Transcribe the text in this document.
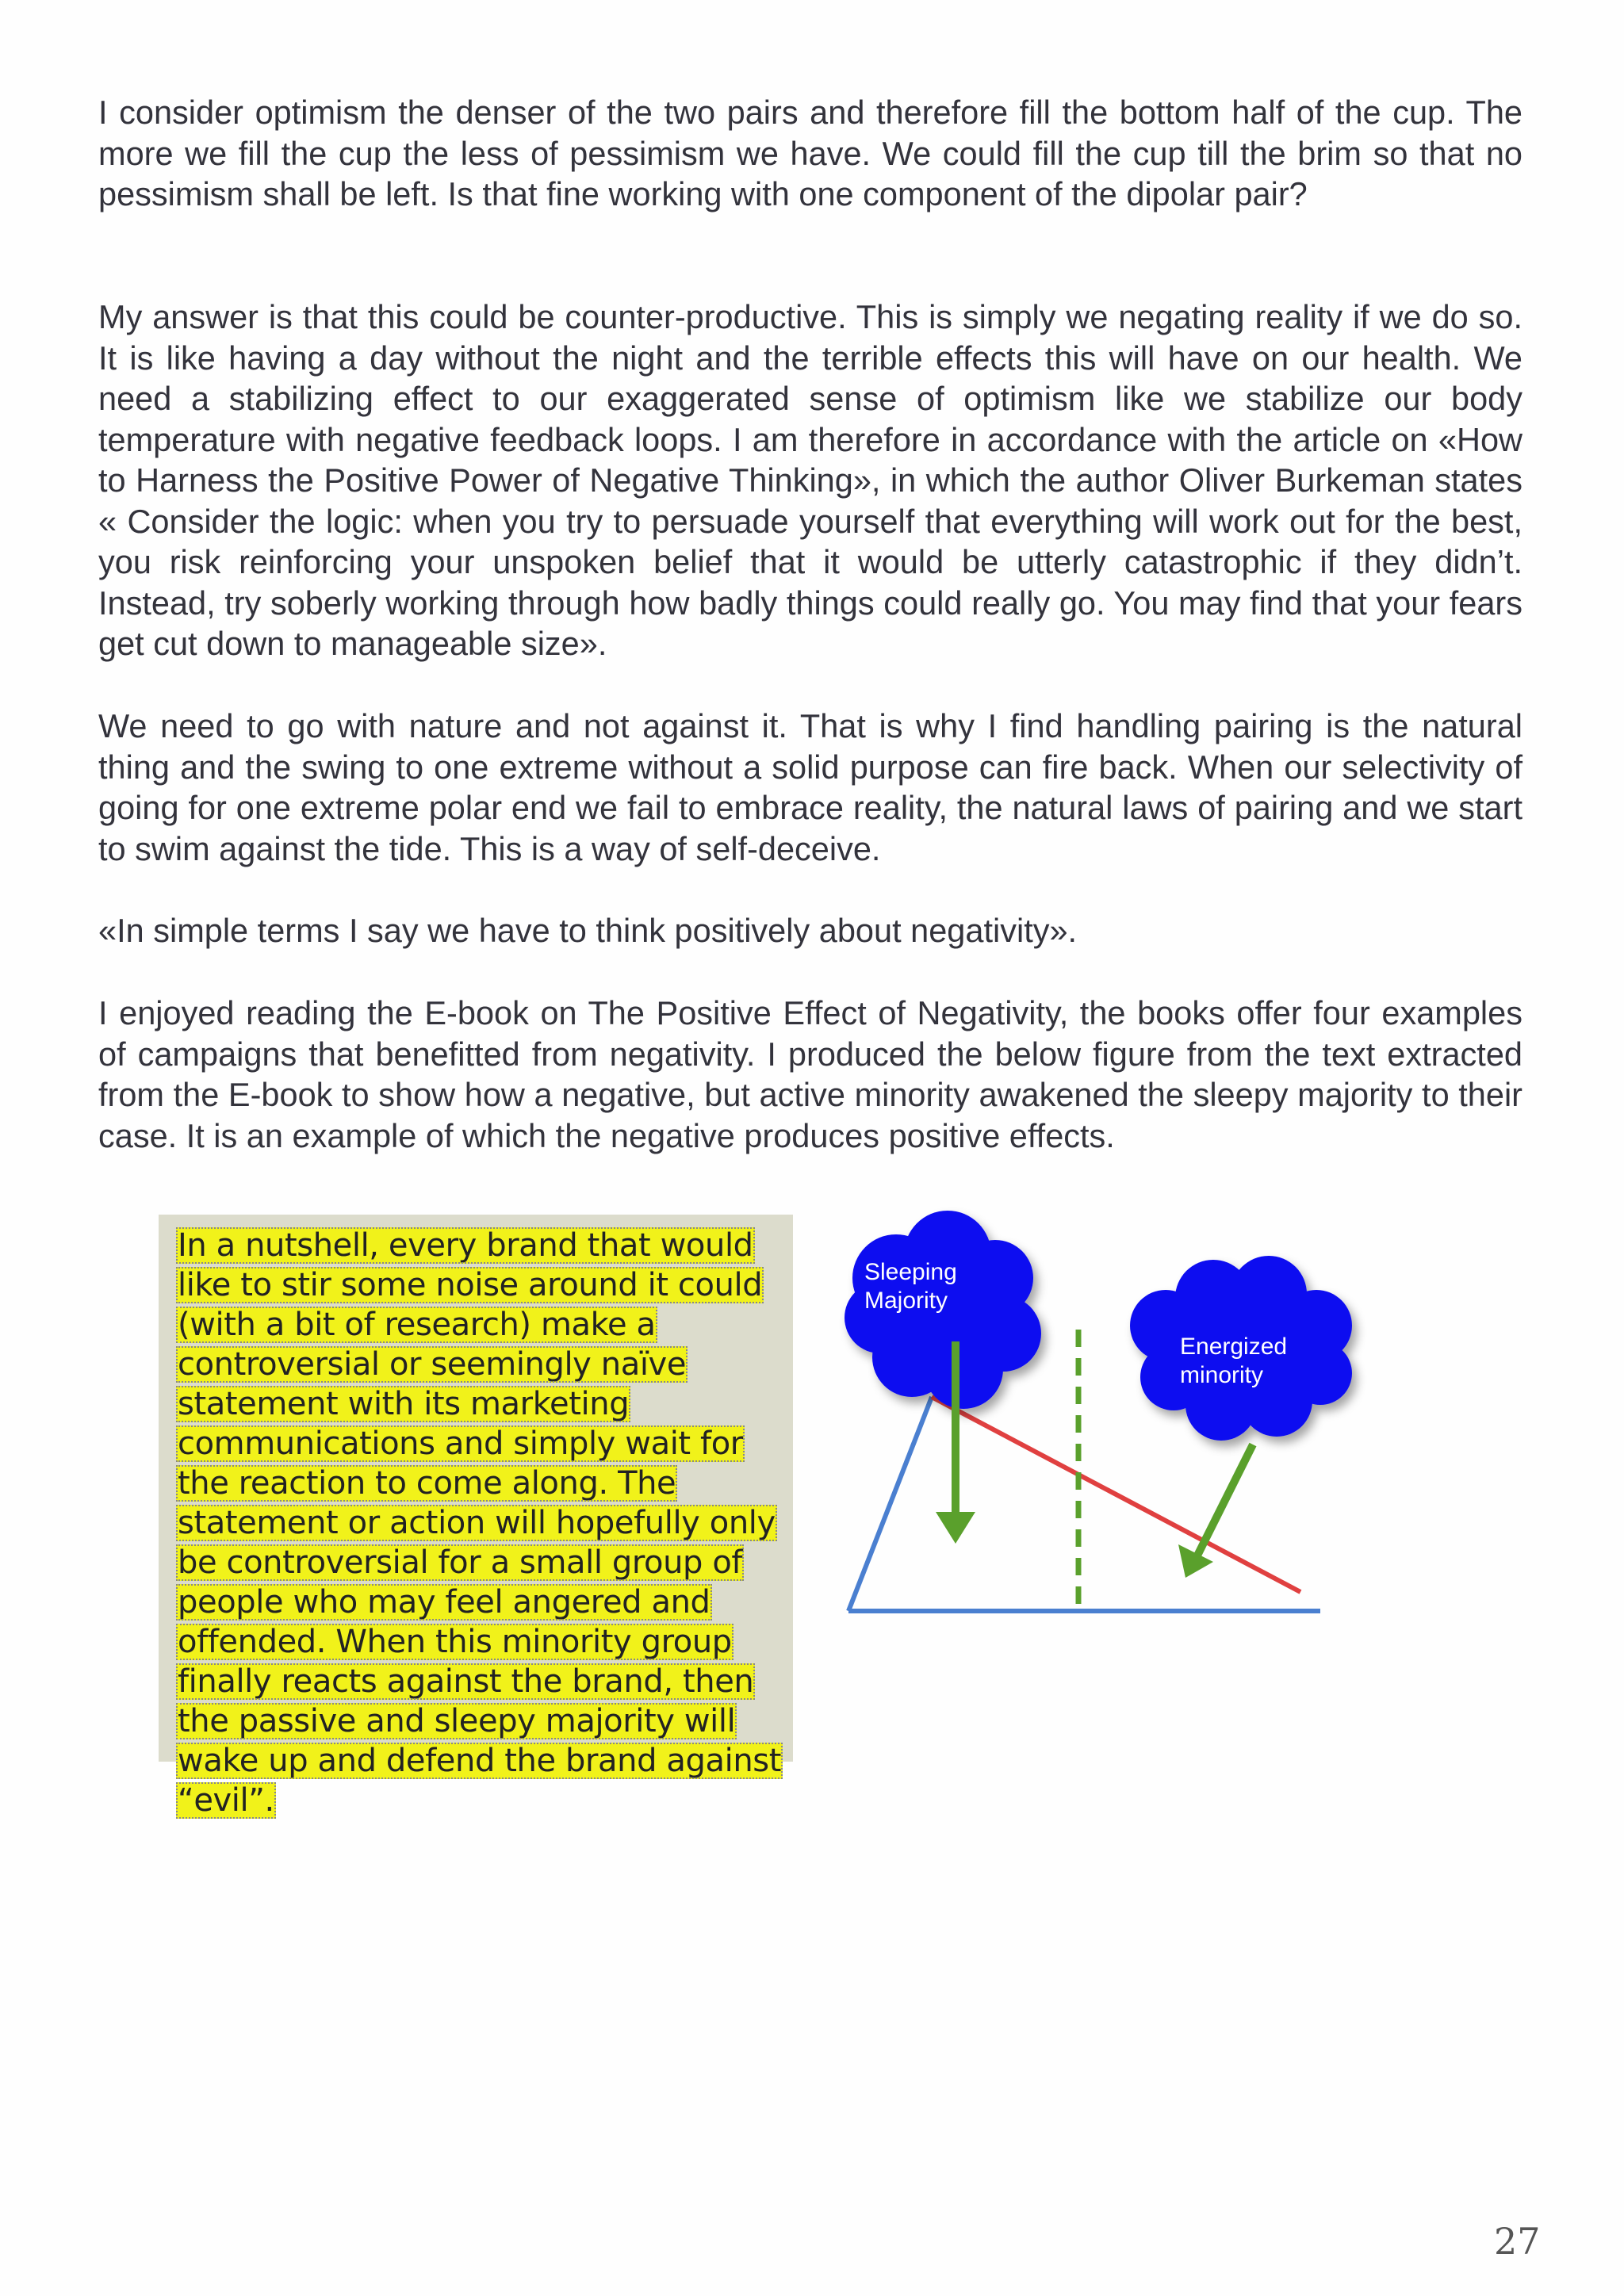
I consider optimism the denser of the two pairs and therefore fill the bottom half of the cup. The more we fill the cup the less of pessimism we have. We could fill the cup till the brim so that no pessimism shall be left. Is that fine working with one component of the dipolar pair?

My answer is that this could be counter-productive. This is simply we negating reality if we do so. It is like having a day without the night and the terrible effects this will have on our health. We need a stabilizing effect to our exaggerated sense of optimism like we stabilize our body temperature with negative feedback loops. I am therefore in accordance with the article on «How to Harness the Positive Power of Negative Thinking», in which the author Oliver Burkeman states « Consider the logic: when you try to persuade yourself that everything will work out for the best, you risk reinforcing your unspoken belief that it would be utterly catastrophic if they didn’t. Instead, try soberly working through how badly things could really go. You may find that your fears get cut down to manageable size».

We need to go with nature and not against it. That is why I find handling pairing is the natural thing and the swing to one extreme without a solid purpose can fire back. When our selectivity of going for one extreme polar end we fail to embrace reality, the natural laws of pairing and we start to swim against the tide. This is a way of self-deceive.

«In simple terms I say we have to think positively about negativity».

I enjoyed reading the E-book on The Positive Effect of Negativity, the books offer four examples of campaigns that benefitted from negativity. I produced the below figure from the text extracted from the E-book to show how a negative, but active minority awakened the sleepy majority to their case. It is an example of which the negative produces positive effects.

In a nutshell, every brand that would like to stir some noise around it could (with a bit of research) make a controversial or seemingly naïve statement with its marketing communications and simply wait for the reaction to come along. The statement or action will hopefully only be controversial for a small group of people who may feel angered and offended. When this minority group finally reacts against the brand, then the passive and sleepy majority will wake up and defend the brand against “evil”.
Sleeping
Majority
Energized
minority
27
